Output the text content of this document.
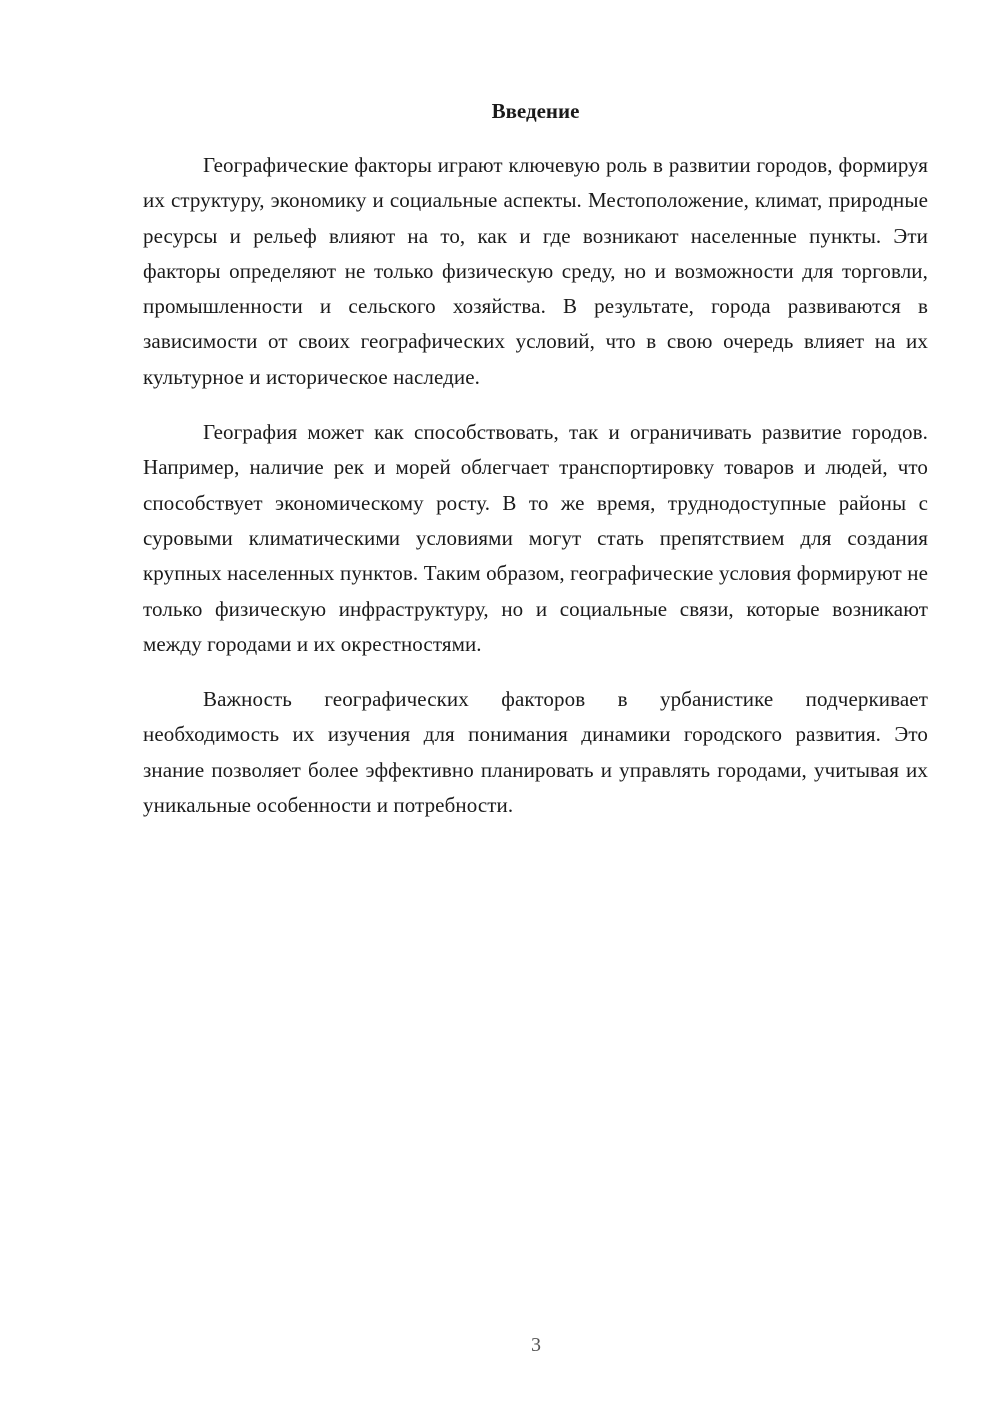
Введение

Географические факторы играют ключевую роль в развитии городов, формируя их структуру, экономику и социальные аспекты. Местоположение, климат, природные ресурсы и рельеф влияют на то, как и где возникают населенные пункты. Эти факторы определяют не только физическую среду, но и возможности для торговли, промышленности и сельского хозяйства. В результате, города развиваются в зависимости от своих географических условий, что в свою очередь влияет на их культурное и историческое наследие.

География может как способствовать, так и ограничивать развитие городов. Например, наличие рек и морей облегчает транспортировку товаров и людей, что способствует экономическому росту. В то же время, труднодоступные районы с суровыми климатическими условиями могут стать препятствием для создания крупных населенных пунктов. Таким образом, географические условия формируют не только физическую инфраструктуру, но и социальные связи, которые возникают между городами и их окрестностями.

Важность географических факторов в урбанистике подчеркивает необходимость их изучения для понимания динамики городского развития. Это знание позволяет более эффективно планировать и управлять городами, учитывая их уникальные особенности и потребности.

3
